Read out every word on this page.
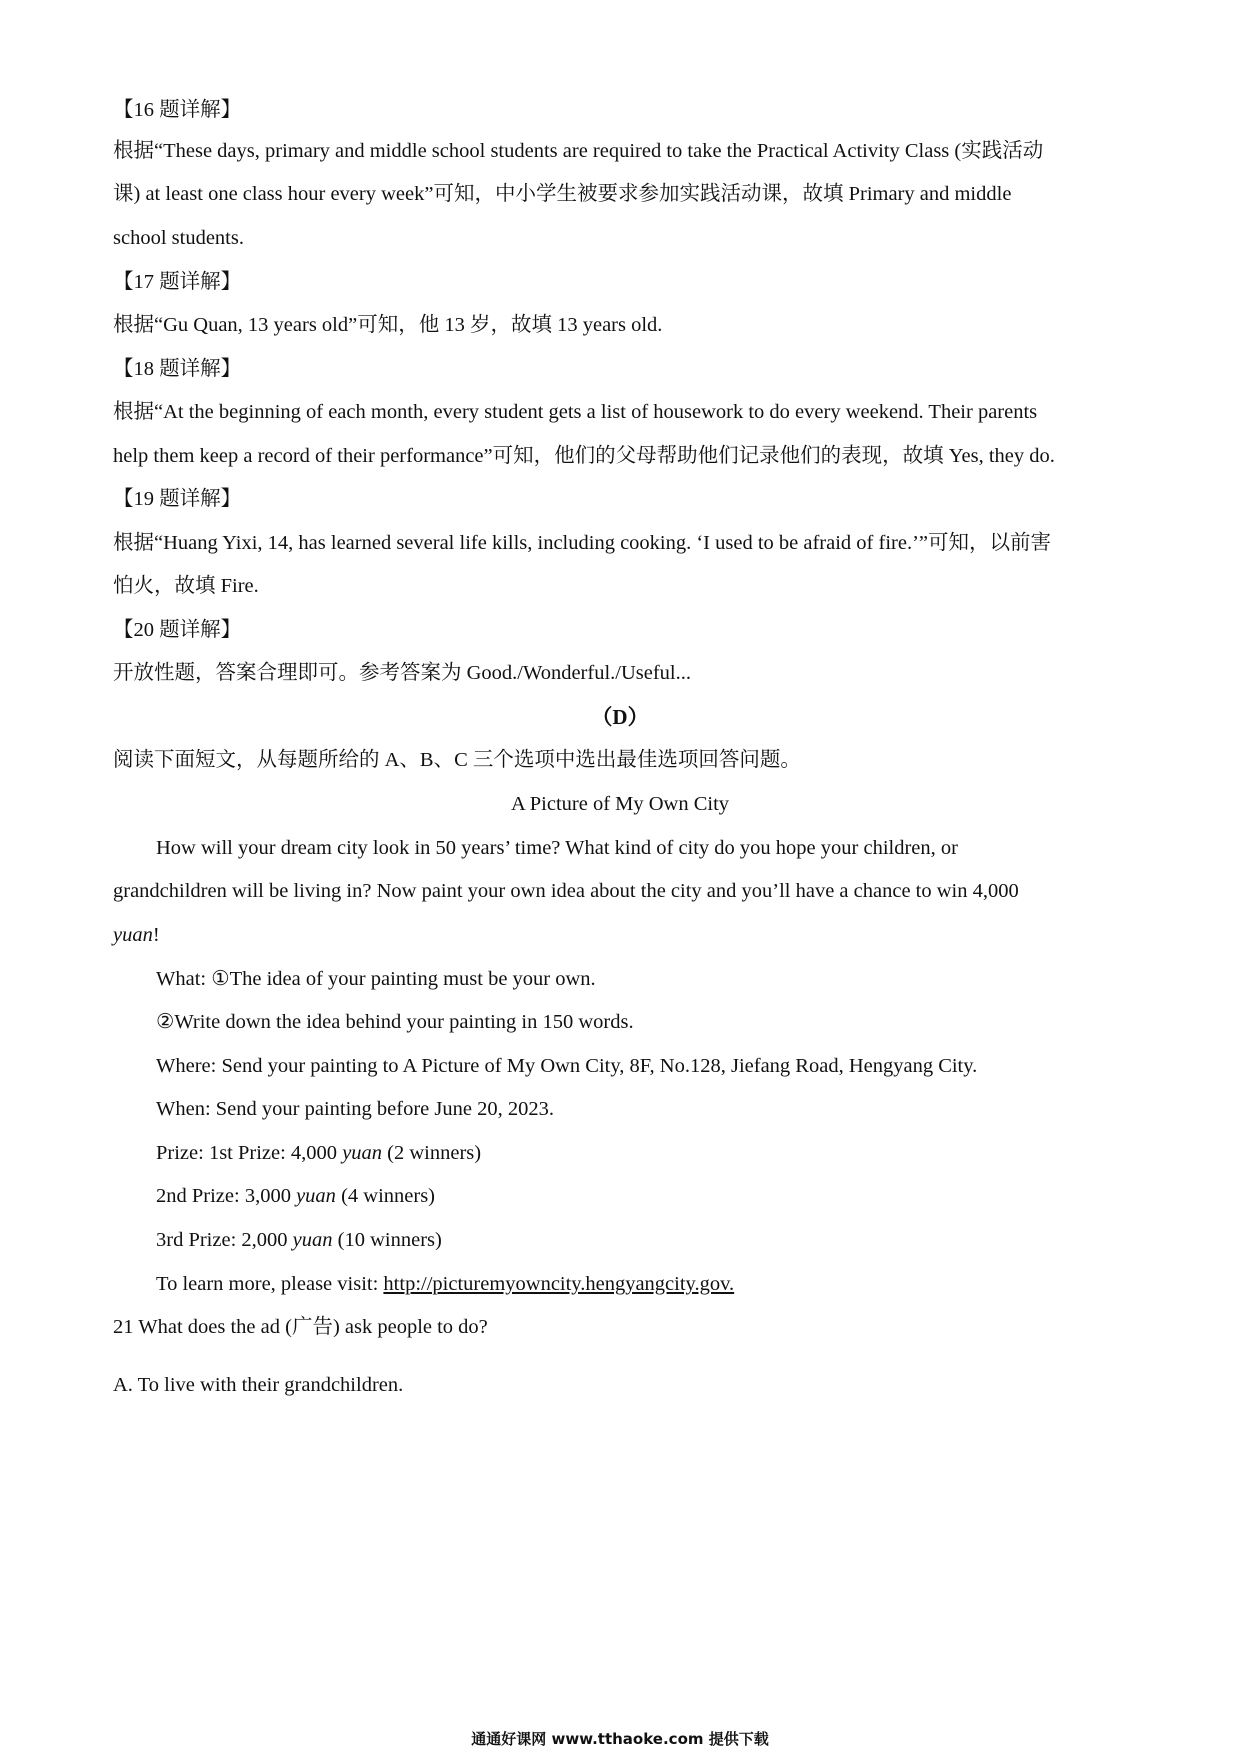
【16 题详解】
根据“These days, primary and middle school students are required to take the Practical Activity Class (实践活动
课) at least one class hour every week”可知，中小学生被要求参加实践活动课，故填 Primary and middle
school students.
【17 题详解】
根据“Gu Quan, 13 years old”可知，他 13 岁，故填 13 years old.
【18 题详解】
根据“At the beginning of each month, every student gets a list of housework to do every weekend. Their parents
help them keep a record of their performance”可知，他们的父母帮助他们记录他们的表现，故填 Yes, they do.
【19 题详解】
根据“Huang Yixi, 14, has learned several life kills, including cooking. ‘I used to be afraid of fire.’”可知，以前害
怕火，故填 Fire.
【20 题详解】
开放性题，答案合理即可。参考答案为 Good./Wonderful./Useful...
（D）
阅读下面短文，从每题所给的 A、B、C 三个选项中选出最佳选项回答问题。
A Picture of My Own City
How will your dream city look in 50 years’ time? What kind of city do you hope your children, or
grandchildren will be living in? Now paint your own idea about the city and you’ll have a chance to win 4,000
yuan!
What: ①The idea of your painting must be your own.
②Write down the idea behind your painting in 150 words.
Where: Send your painting to A Picture of My Own City, 8F, No.128, Jiefang Road, Hengyang City.
When: Send your painting before June 20, 2023.
Prize: 1st Prize: 4,000 yuan (2 winners)
2nd Prize: 3,000 yuan (4 winners)
3rd Prize: 2,000 yuan (10 winners)
To learn more, please visit: http://picturemyowncity.hengyangcity.gov.
21 What does the ad (广告) ask people to do?
A. To live with their grandchildren.
通通好课网 www.tthaoke.com 提供下载
